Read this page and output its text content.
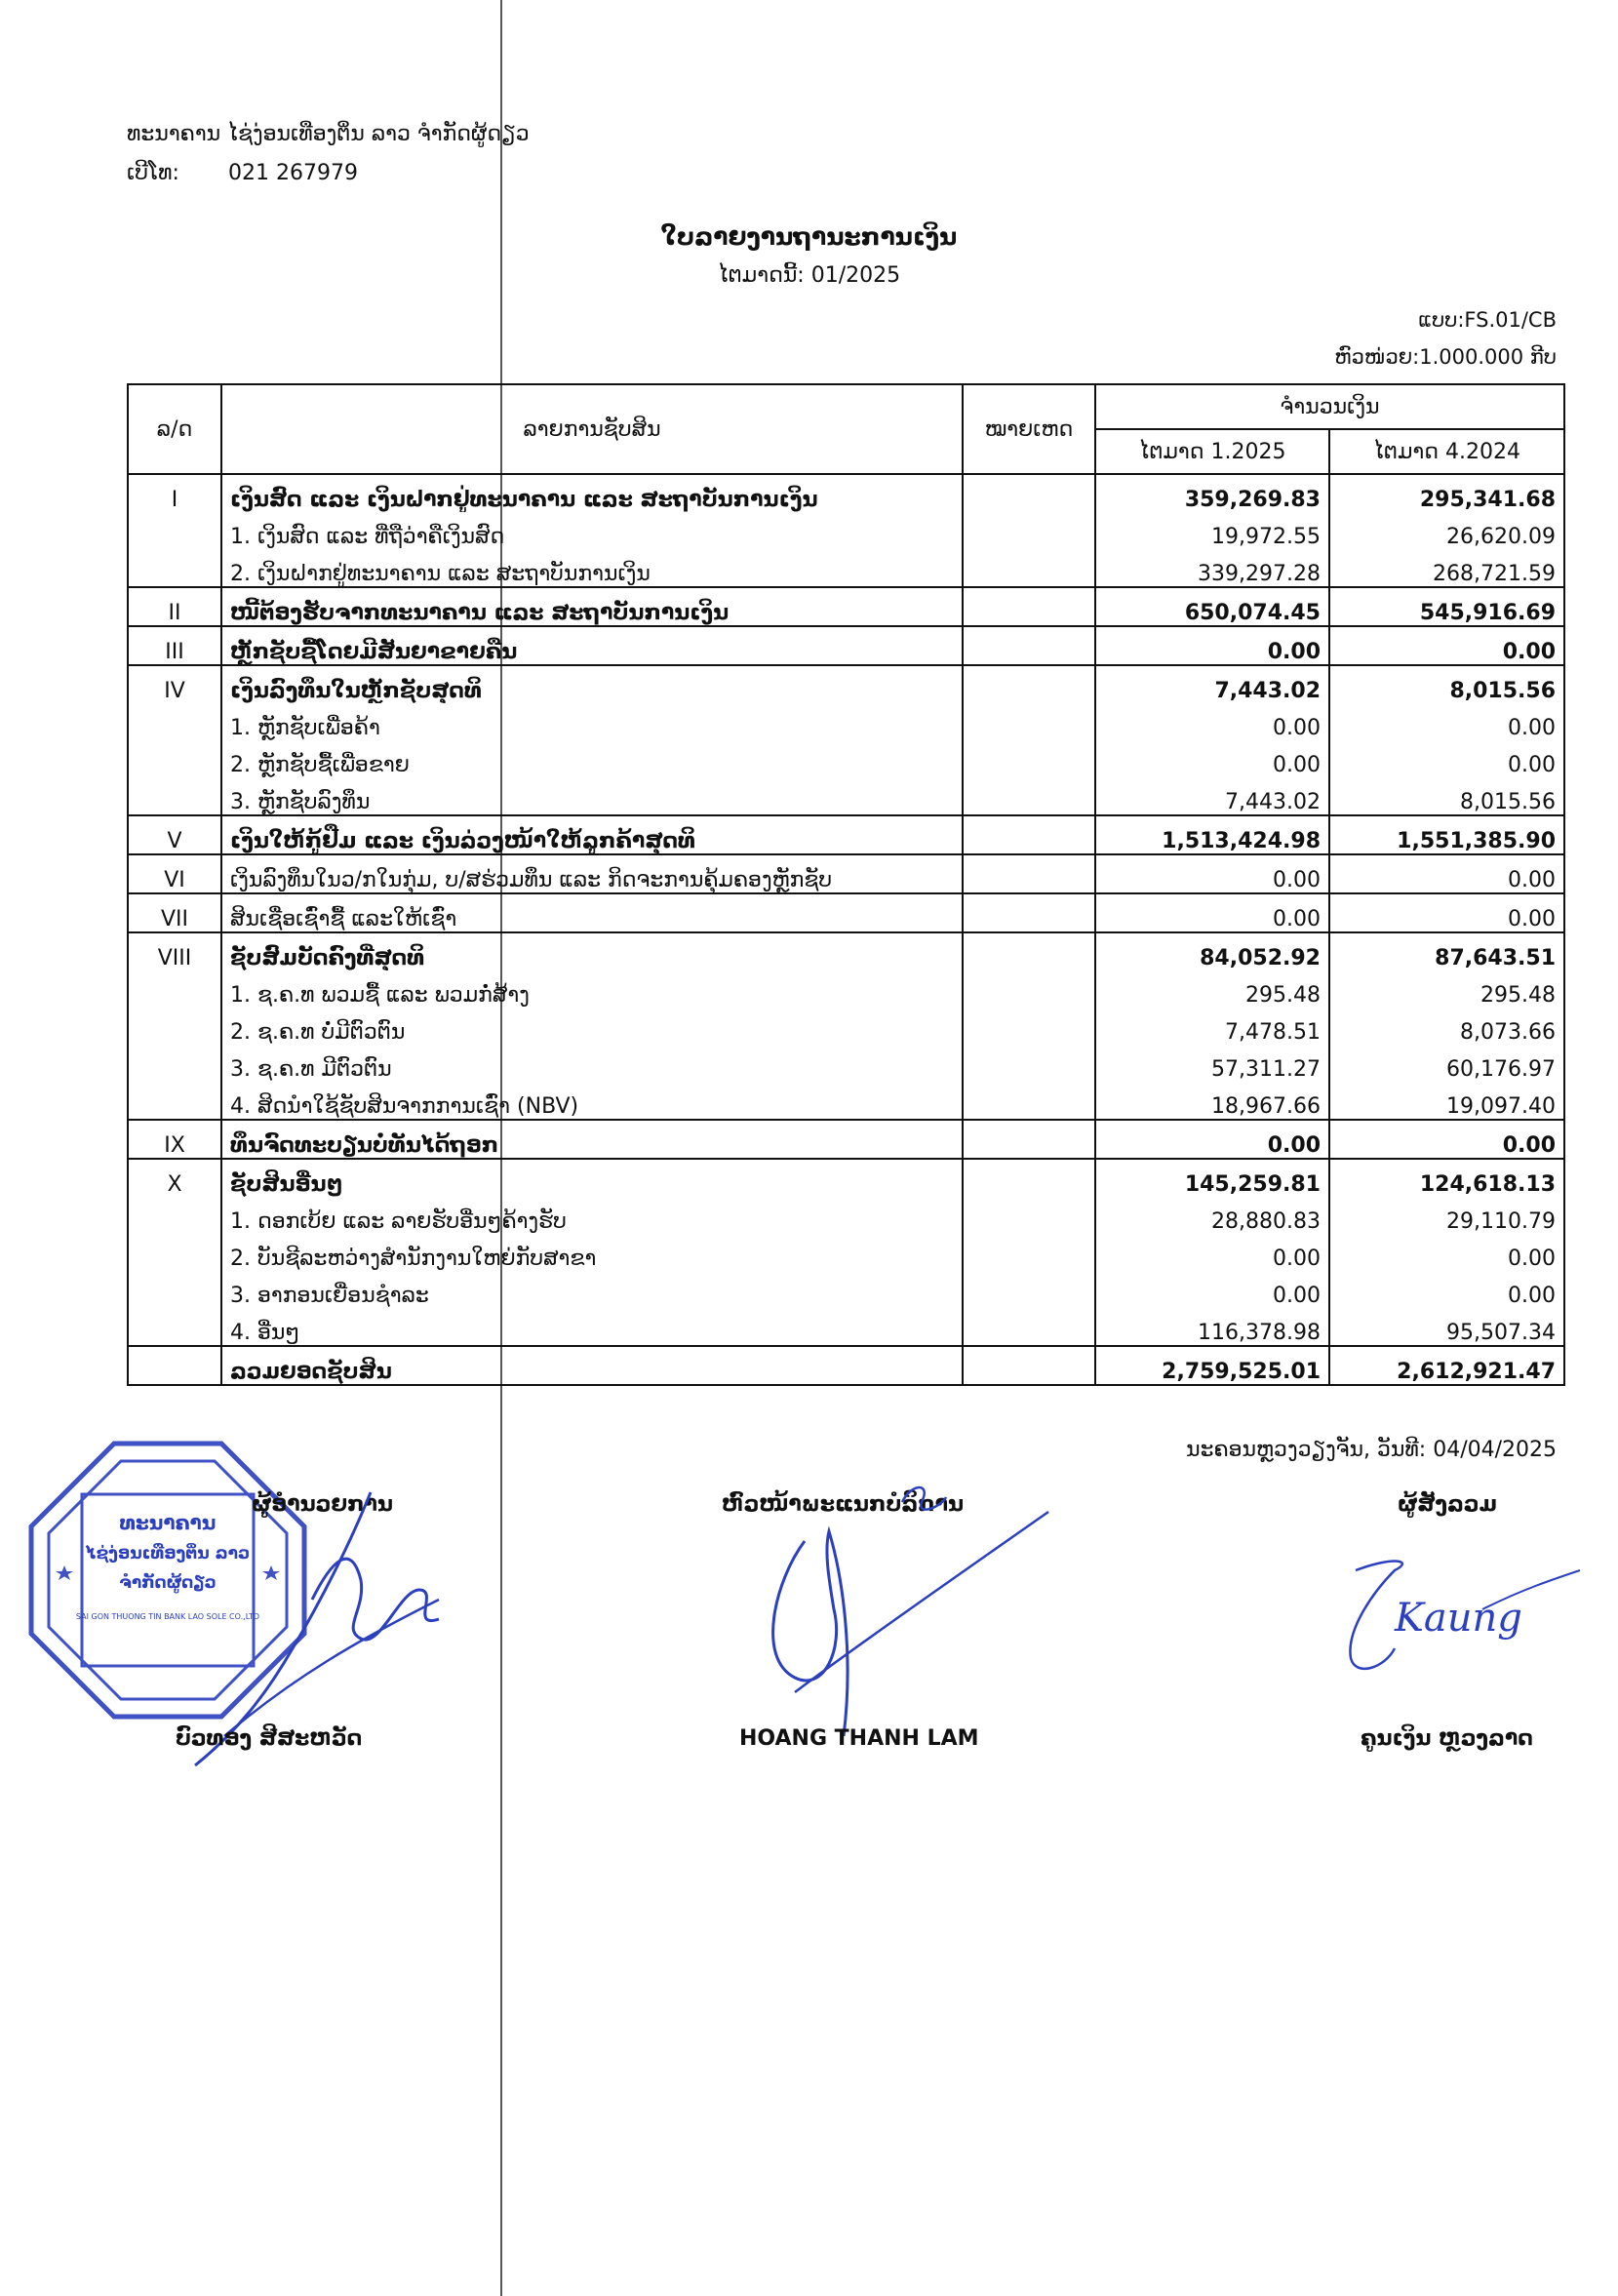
ທະນາຄານ ໄຊ່ງ່ອນເທືອງຕິ່ນ ລາວ ຈຳກັດຜູ້ດຽວ
ເບີໂທ: 021 267979
ໃບລາຍງານຖານະການເງິນ
ໄຕມາດນີ້: 01/2025
ແບບ:FS.01/CB
ຫົວໜ່ວຍ:1.000.000 ກີບ
ລ/ດ	ລາຍການຊັບສິນ	ໝາຍເຫດ	ຈຳນວນເງິນ	
			ໄຕມາດ 1.2025	ໄຕມາດ 4.2024
I	ເງິນສົດ ແລະ ເງິນຝາກຢູ່ທະນາຄານ ແລະ ສະຖາບັນການເງິນ		359,269.83	295,341.68
	1. ເງິນສົດ ແລະ ທີ່ຖືວ່າຄືເງິນສົດ		19,972.55	26,620.09
	2. ເງິນຝາກຢູ່ທະນາຄານ ແລະ ສະຖາບັນການເງິນ		339,297.28	268,721.59
II	ໜີ້ຕ້ອງຮັບຈາກທະນາຄານ ແລະ ສະຖາບັນການເງິນ		650,074.45	545,916.69
III	ຫຼັກຊັບຊື້ໂດຍມີສັນຍາຂາຍຄືນ		0.00	0.00
IV	ເງິນລົງທຶນໃນຫຼັກຊັບສຸດທິ		7,443.02	8,015.56
	1. ຫຼັກຊັບເພື່ອຄ້າ		0.00	0.00
	2. ຫຼັກຊັບຊື້ເພື່ອຂາຍ		0.00	0.00
	3. ຫຼັກຊັບລົງທຶນ		7,443.02	8,015.56
V	ເງິນໃຫ້ກູ້ຢືມ ແລະ ເງິນລ່ວງໜ້າໃຫ້ລູກຄ້າສຸດທິ		1,513,424.98	1,551,385.90
VI	ເງິນລົງທຶນໃນວ/ກໃນກຸ່ມ, ບ/ສຮ່ວມທຶນ ແລະ ກິດຈະການຄຸ້ມຄອງຫຼັກຊັບ		0.00	0.00
VII	ສິນເຊື່ອເຊົ່າຊື້ ແລະໃຫ້ເຊົ່າ		0.00	0.00
VIII	ຊັບສົມບັດຄົງທີ່ສຸດທິ		84,052.92	87,643.51
	1. ຊ.ຄ.ທ ພວມຊື້ ແລະ ພວມກໍ່ສ້າງ		295.48	295.48
	2. ຊ.ຄ.ທ ບໍ່ມີຕົວຕົນ		7,478.51	8,073.66
	3. ຊ.ຄ.ທ ມີຕົວຕົນ		57,311.27	60,176.97
	4. ສິດນຳໃຊ້ຊັບສິນຈາກການເຊົ່າ (NBV)		18,967.66	19,097.40
IX	ທຶນຈົດທະບຽນບໍ່ທັນໄດ້ຖອກ		0.00	0.00
X	ຊັບສິນອື່ນໆ		145,259.81	124,618.13
	1. ດອກເບ້ຍ ແລະ ລາຍຮັບອື່ນໆຄ້າງຮັບ		28,880.83	29,110.79
	2. ບັນຊີລະຫວ່າງສຳນັກງານໃຫຍ່ກັບສາຂາ		0.00	0.00
	3. ອາກອນເຍື່ອນຊຳລະ		0.00	0.00
	4. ອື່ນໆ		116,378.98	95,507.34
	ລວມຍອດຊັບສິນ		2,759,525.01	2,612,921.47
ນະຄອນຫຼວງວຽງຈັນ, ວັນທີ: 04/04/2025
ທະນາຄານ
ໄຊ່ງ່ອນເທືອງຕິ່ນ ລາວ
ຈຳກັດຜູ້ດຽວ
SAI GON THUONG TIN BANK LAO SOLE CO.,LTD
ຜູ້ອຳນວຍການ
ບົວທອງ ສີສະຫວັດ
ຫົວໜ້າພະແນກບໍລິການ
HOANG THANH LAM
ຜູ້ສັງລວມ
Kaung
ຄູນເງິນ ຫຼວງລາດ
